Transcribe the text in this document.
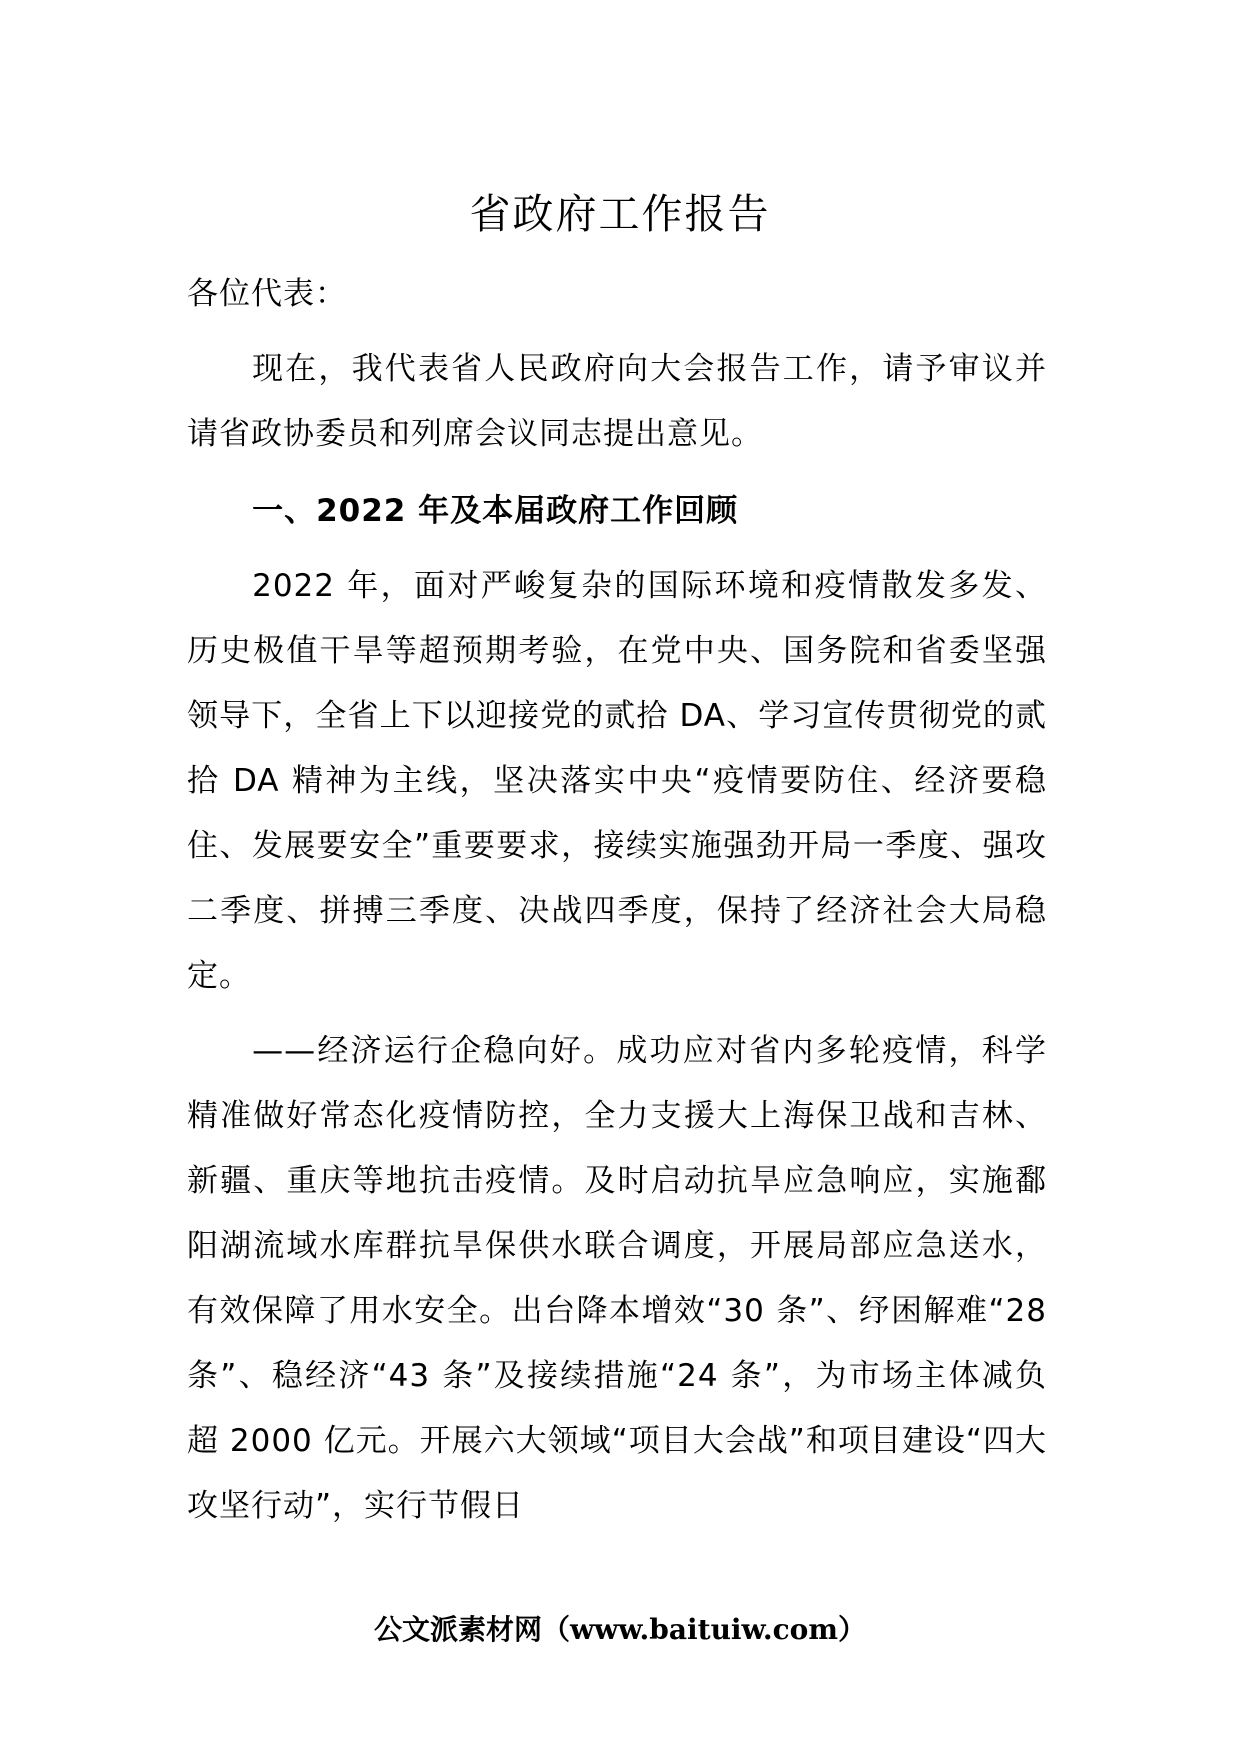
省政府工作报告

各位代表：

现在，我代表省人民政府向大会报告工作，请予审议并请省政协委员和列席会议同志提出意见。

一、2022 年及本届政府工作回顾

2022 年，面对严峻复杂的国际环境和疫情散发多发、历史极值干旱等超预期考验，在党中央、国务院和省委坚强领导下，全省上下以迎接党的贰拾 DA、学习宣传贯彻党的贰拾 DA 精神为主线，坚决落实中央“疫情要防住、经济要稳住、发展要安全”重要要求，接续实施强劲开局一季度、强攻二季度、拼搏三季度、决战四季度，保持了经济社会大局稳定。

——经济运行企稳向好。成功应对省内多轮疫情，科学精准做好常态化疫情防控，全力支援大上海保卫战和吉林、新疆、重庆等地抗击疫情。及时启动抗旱应急响应，实施鄱阳湖流域水库群抗旱保供水联合调度，开展局部应急送水，有效保障了用水安全。出台降本增效“30 条”、纾困解难“28 条”、稳经济“43 条”及接续措施“24 条”，为市场主体减负超 2000 亿元。开展六大领域“项目大会战”和项目建设“四大攻坚行动”，实行节假日

公文派素材网（www.baituiw.com）
